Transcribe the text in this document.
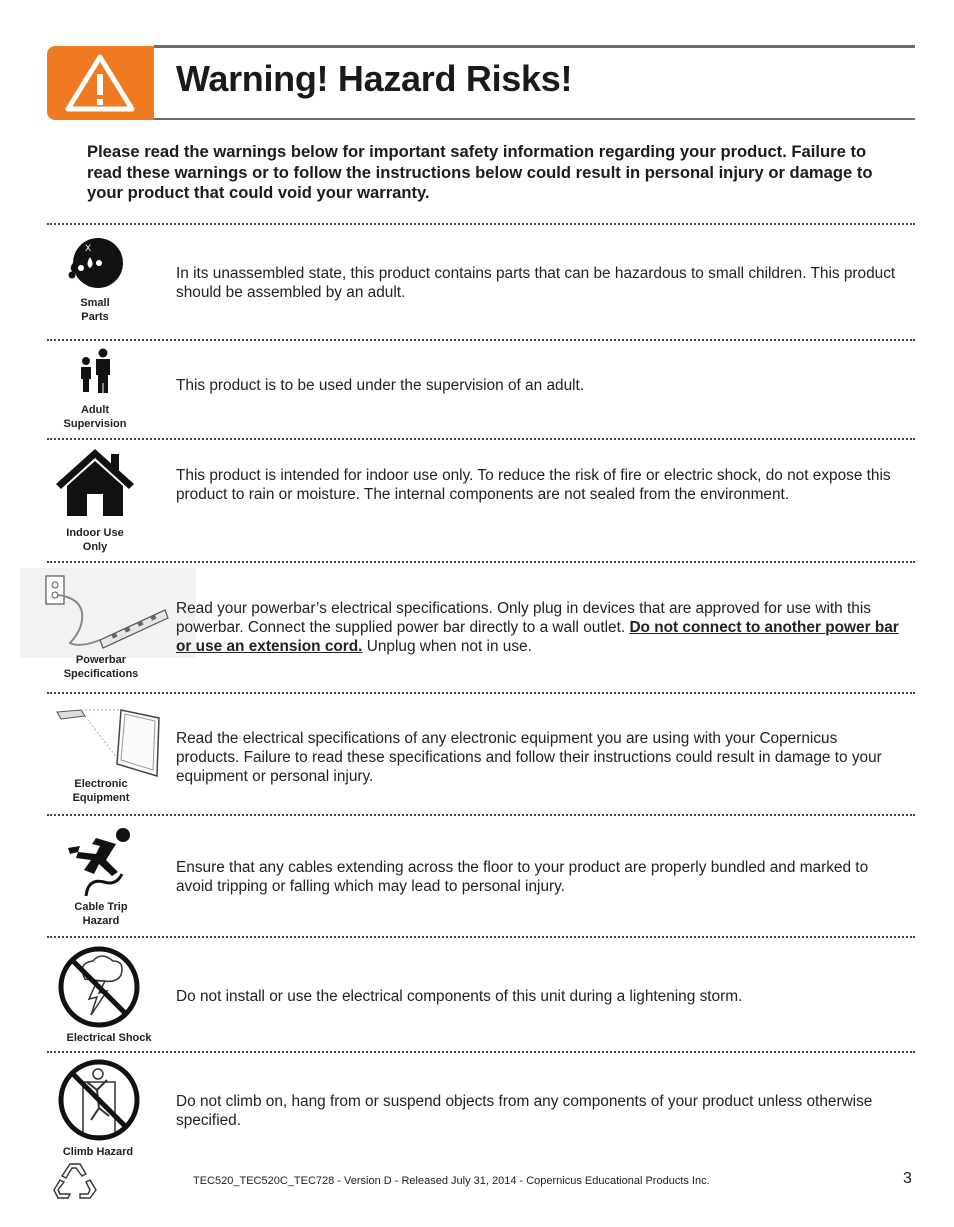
Warning! Hazard Risks!

Please read the warnings below for important safety information regarding your product. Failure to read these warnings or to follow the instructions below could result in personal injury or damage to your product that could void your warranty.

X
Small
Parts

In its unassembled state, this product contains parts that can be hazardous to small children. This product should be assembled by an adult.

Adult
Supervision

This product is to be used under the supervision of an adult.

Indoor Use
Only

This product is intended for indoor use only. To reduce the risk of fire or electric shock, do not expose this product to rain or moisture. The internal components are not sealed from the environment.

Powerbar
Specifications

Read your powerbar’s electrical specifications. Only plug in devices that are approved for use with this powerbar. Connect the supplied power bar directly to a wall outlet. Do not connect to another power bar or use an extension cord. Unplug when not in use.

Electronic
Equipment

Read the electrical specifications of any electronic equipment you are using with your Copernicus products. Failure to read these specifications and follow their instructions could result in damage to your equipment or personal injury.

Cable Trip
Hazard

Ensure that any cables extending across the floor to your product are properly bundled and marked to avoid tripping or falling which may lead to personal injury.

Electrical Shock

Do not install or use the electrical components of this unit during a lightening storm.

Climb Hazard

Do not climb on, hang from or suspend objects from any components of your product unless otherwise specified.

TEC520_TEC520C_TEC728 - Version D - Released July 31, 2014 - Copernicus Educational Products Inc.	3
